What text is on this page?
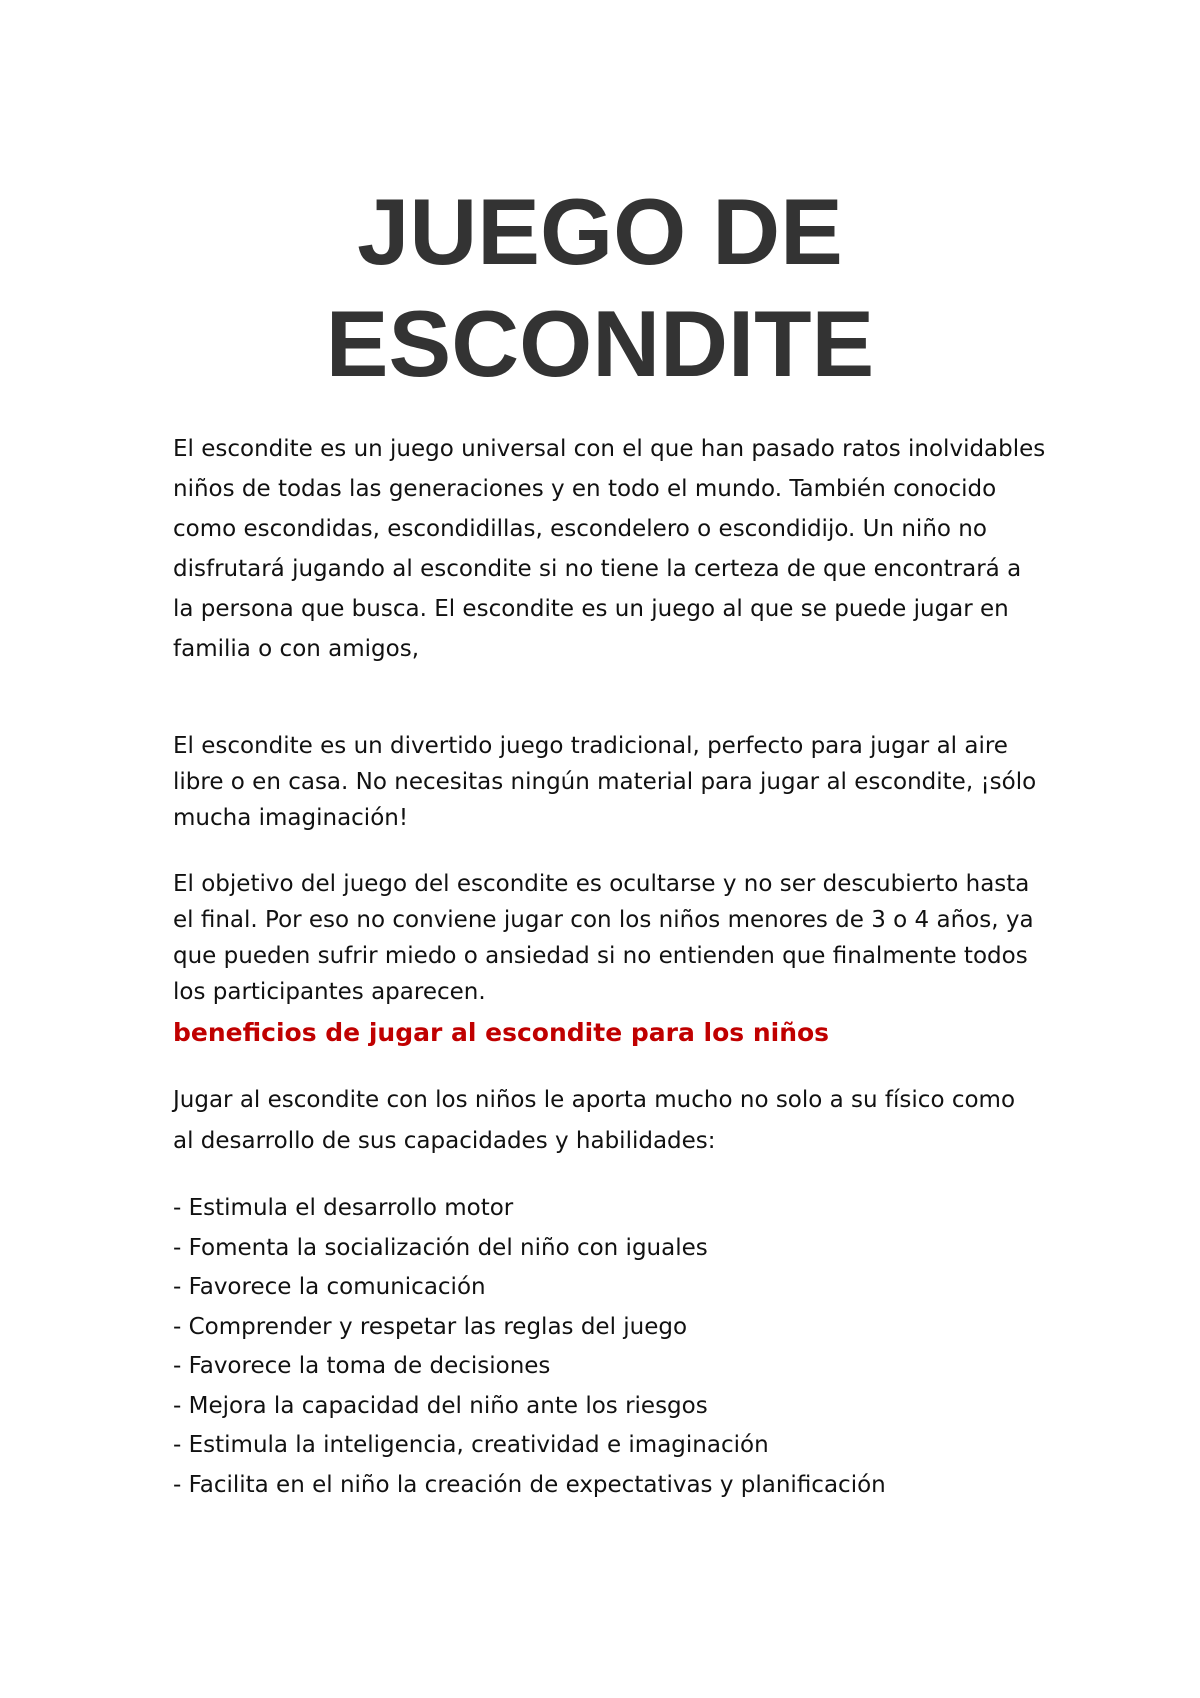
JUEGO DE
ESCONDITE

El escondite es un juego universal con el que han pasado ratos inolvidables
niños de todas las generaciones y en todo el mundo. También conocido
como escondidas, escondidillas, escondelero o escondidijo. Un niño no
disfrutará jugando al escondite si no tiene la certeza de que encontrará a
la persona que busca. El escondite es un juego al que se puede jugar en
familia o con amigos,

El escondite es un divertido juego tradicional, perfecto para jugar al aire
libre o en casa. No necesitas ningún material para jugar al escondite, ¡sólo
mucha imaginación!

El objetivo del juego del escondite es ocultarse y no ser descubierto hasta
el final. Por eso no conviene jugar con los niños menores de 3 o 4 años, ya
que pueden sufrir miedo o ansiedad si no entienden que finalmente todos
los participantes aparecen.

beneficios de jugar al escondite para los niños

Jugar al escondite con los niños le aporta mucho no solo a su físico como
al desarrollo de sus capacidades y habilidades:

- Estimula el desarrollo motor
- Fomenta la socialización del niño con iguales
- Favorece la comunicación
- Comprender y respetar las reglas del juego
- Favorece la toma de decisiones
- Mejora la capacidad del niño ante los riesgos
- Estimula la inteligencia, creatividad e imaginación
- Facilita en el niño la creación de expectativas y planificación
